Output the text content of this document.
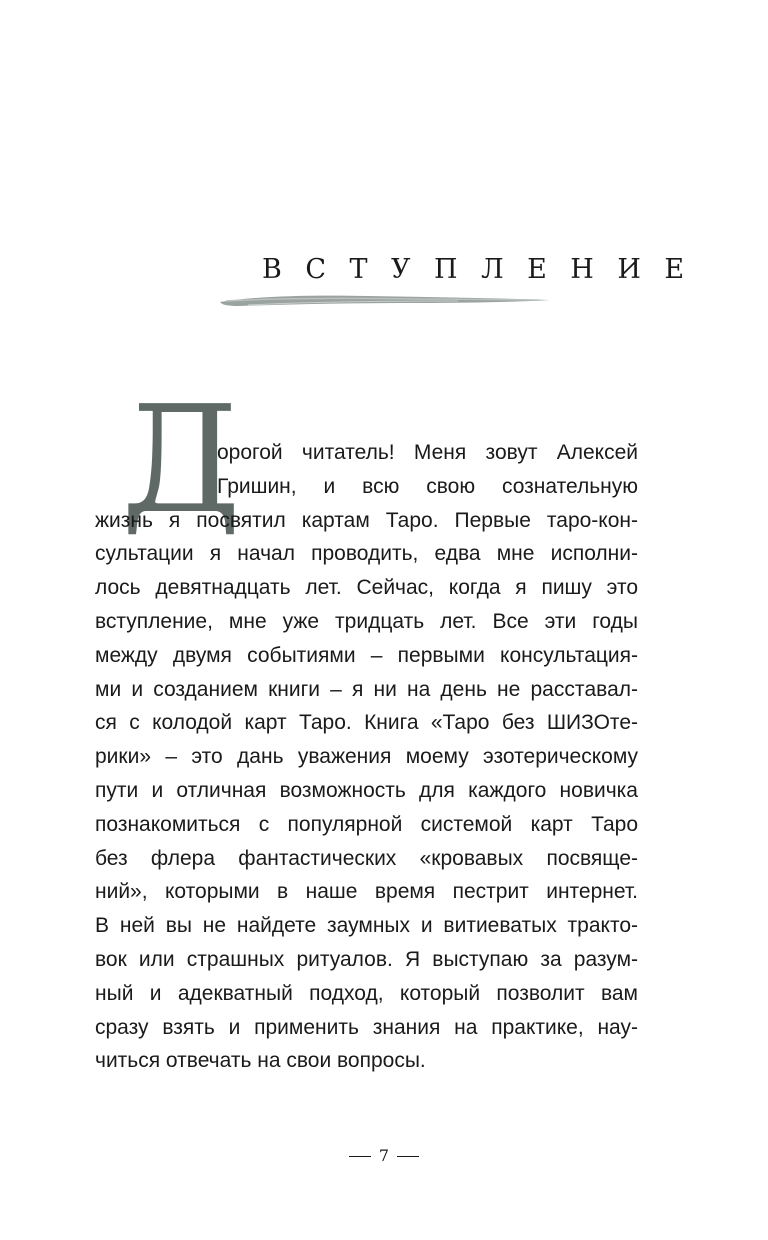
ВСТУПЛЕНИЕ
Д
орогой читатель! Меня зовут Алексей
Гришин, и всю свою сознательную
жизнь я посвятил картам Таро. Первые таро-кон-
сультации я начал проводить, едва мне исполни-
лось девятнадцать лет. Сейчас, когда я пишу это
вступление, мне уже тридцать лет. Все эти годы
между двумя событиями – первыми консультация-
ми и созданием книги – я ни на день не расстaвал-
ся с колодой карт Таро. Книга «Таро без ШИЗОте-
рики» – это дань уважения моему эзотерическому
пути и отличная возможность для каждого новичка
познакомиться с популярной системой карт Таро
без флера фантастических «кровавых посвяще-
ний», которыми в наше время пестрит интернет.
В ней вы не найдете заумных и витиеватых тракто-
вок или страшных ритуалов. Я выступаю за разум-
ный и адекватный подход, который позволит вам
сразу взять и применить знания на практике, нау-
читься отвечать на свои вопросы.
7
